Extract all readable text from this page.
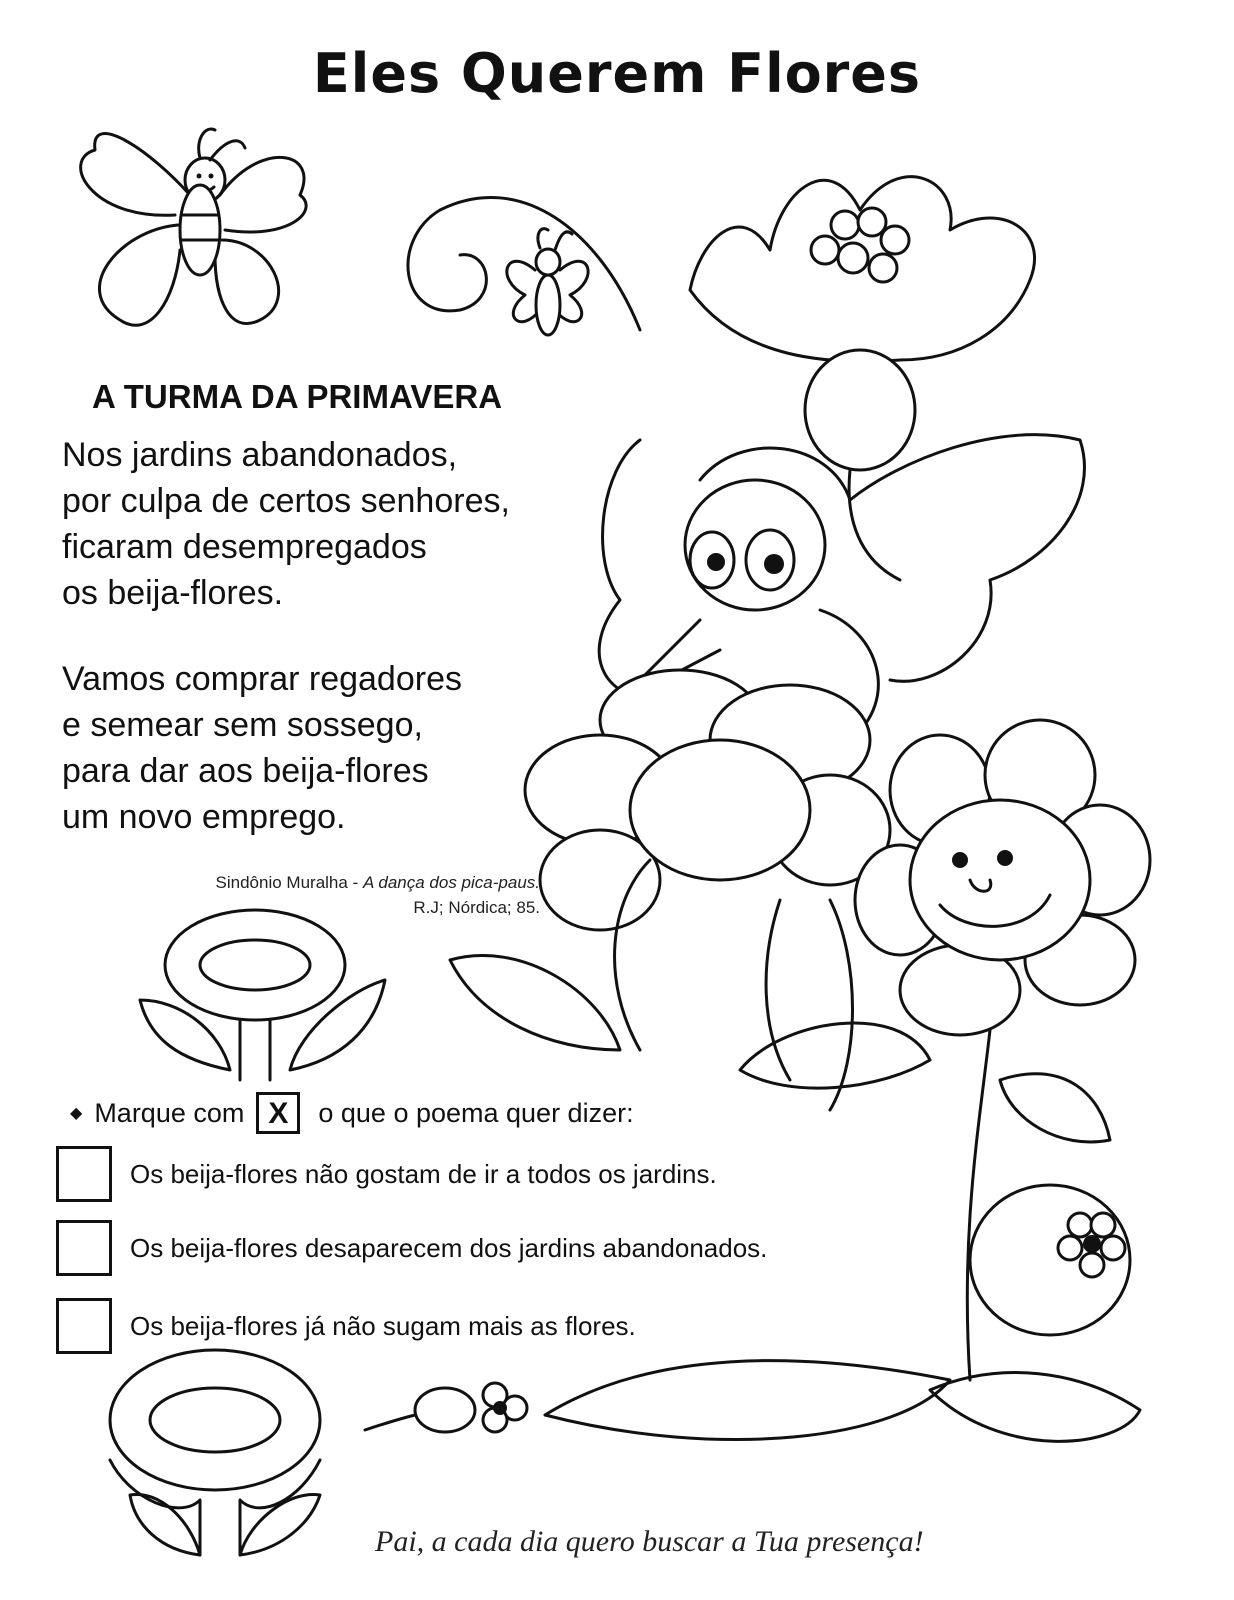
Eles Querem Flores
A TURMA DA PRIMAVERA
Nos jardins abandonados,
por culpa de certos senhores,
ficaram desempregados
os beija-flores.
Vamos comprar regadores
e semear sem sossego,
para dar aos beija-flores
um novo emprego.
Sindônio Muralha - A dança dos pica-paus.
R.J; Nórdica; 85.
◆ Marque com X	o que o poema quer dizer:
Os beija-flores não gostam de ir a todos os jardins.
Os beija-flores desaparecem dos jardins abandonados.
Os beija-flores já não sugam mais as flores.
Pai, a cada dia quero buscar a Tua presença!
